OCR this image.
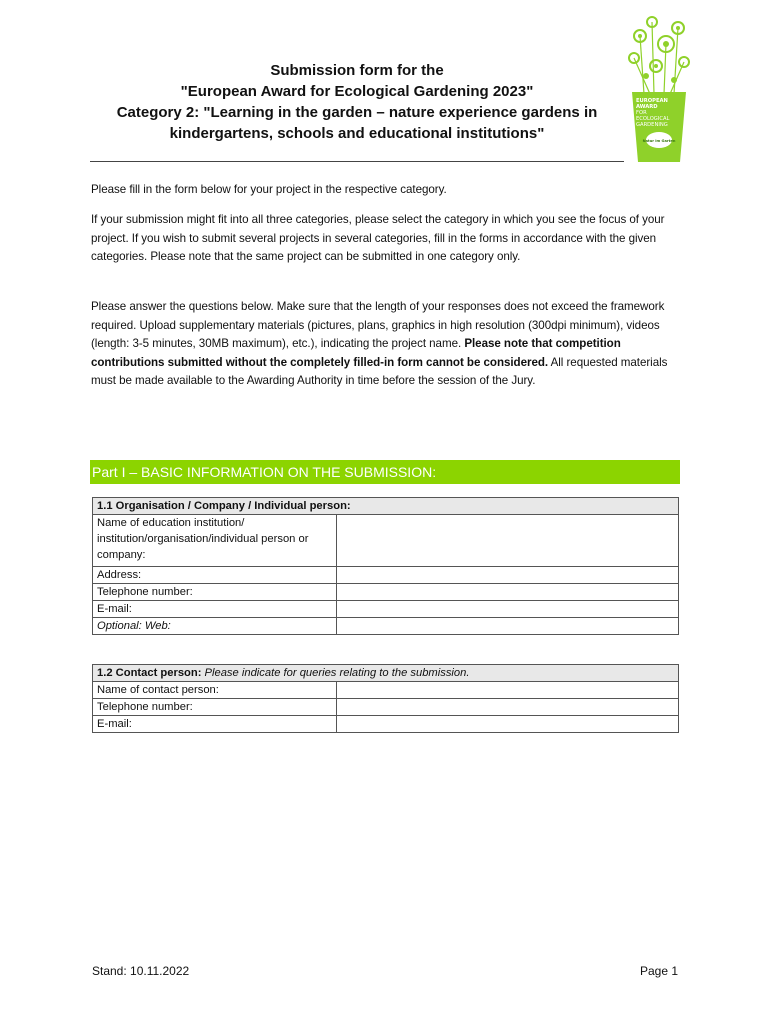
EUROPEAN
AWARD
FOR
ECOLOGICAL
GARDENING
Natur im Garten
Submission form for the
"European Award for Ecological Gardening 2023"
Category 2: "Learning in the garden – nature experience gardens in
kindergartens, schools and educational institutions"

Please fill in the form below for your project in the respective category.

If your submission might fit into all three categories, please select the category in which you see the focus of your project. If you wish to submit several projects in several categories, fill in the forms in accordance with the given categories. Please note that the same project can be submitted in one category only.

Please answer the questions below. Make sure that the length of your responses does not exceed the framework required. Upload supplementary materials (pictures, plans, graphics in high resolution (300dpi minimum), videos (length: 3-5 minutes, 30MB maximum), etc.), indicating the project name. Please note that competition contributions submitted without the completely filled-in form cannot be considered. All requested materials must be made available to the Awarding Authority in time before the session of the Jury.

Part I – BASIC INFORMATION ON THE SUBMISSION:
1.1 Organisation / Company / Individual person:	
Name of education institution/ institution/organisation/individual person or company:	

Address:	

Telephone number:	

E-mail:	

Optional: Web:	
1.2 Contact person: Please indicate for queries relating to the submission.	
Name of contact person:	

Telephone number:	

E-mail:	
Stand: 10.11.2022	Page 1
